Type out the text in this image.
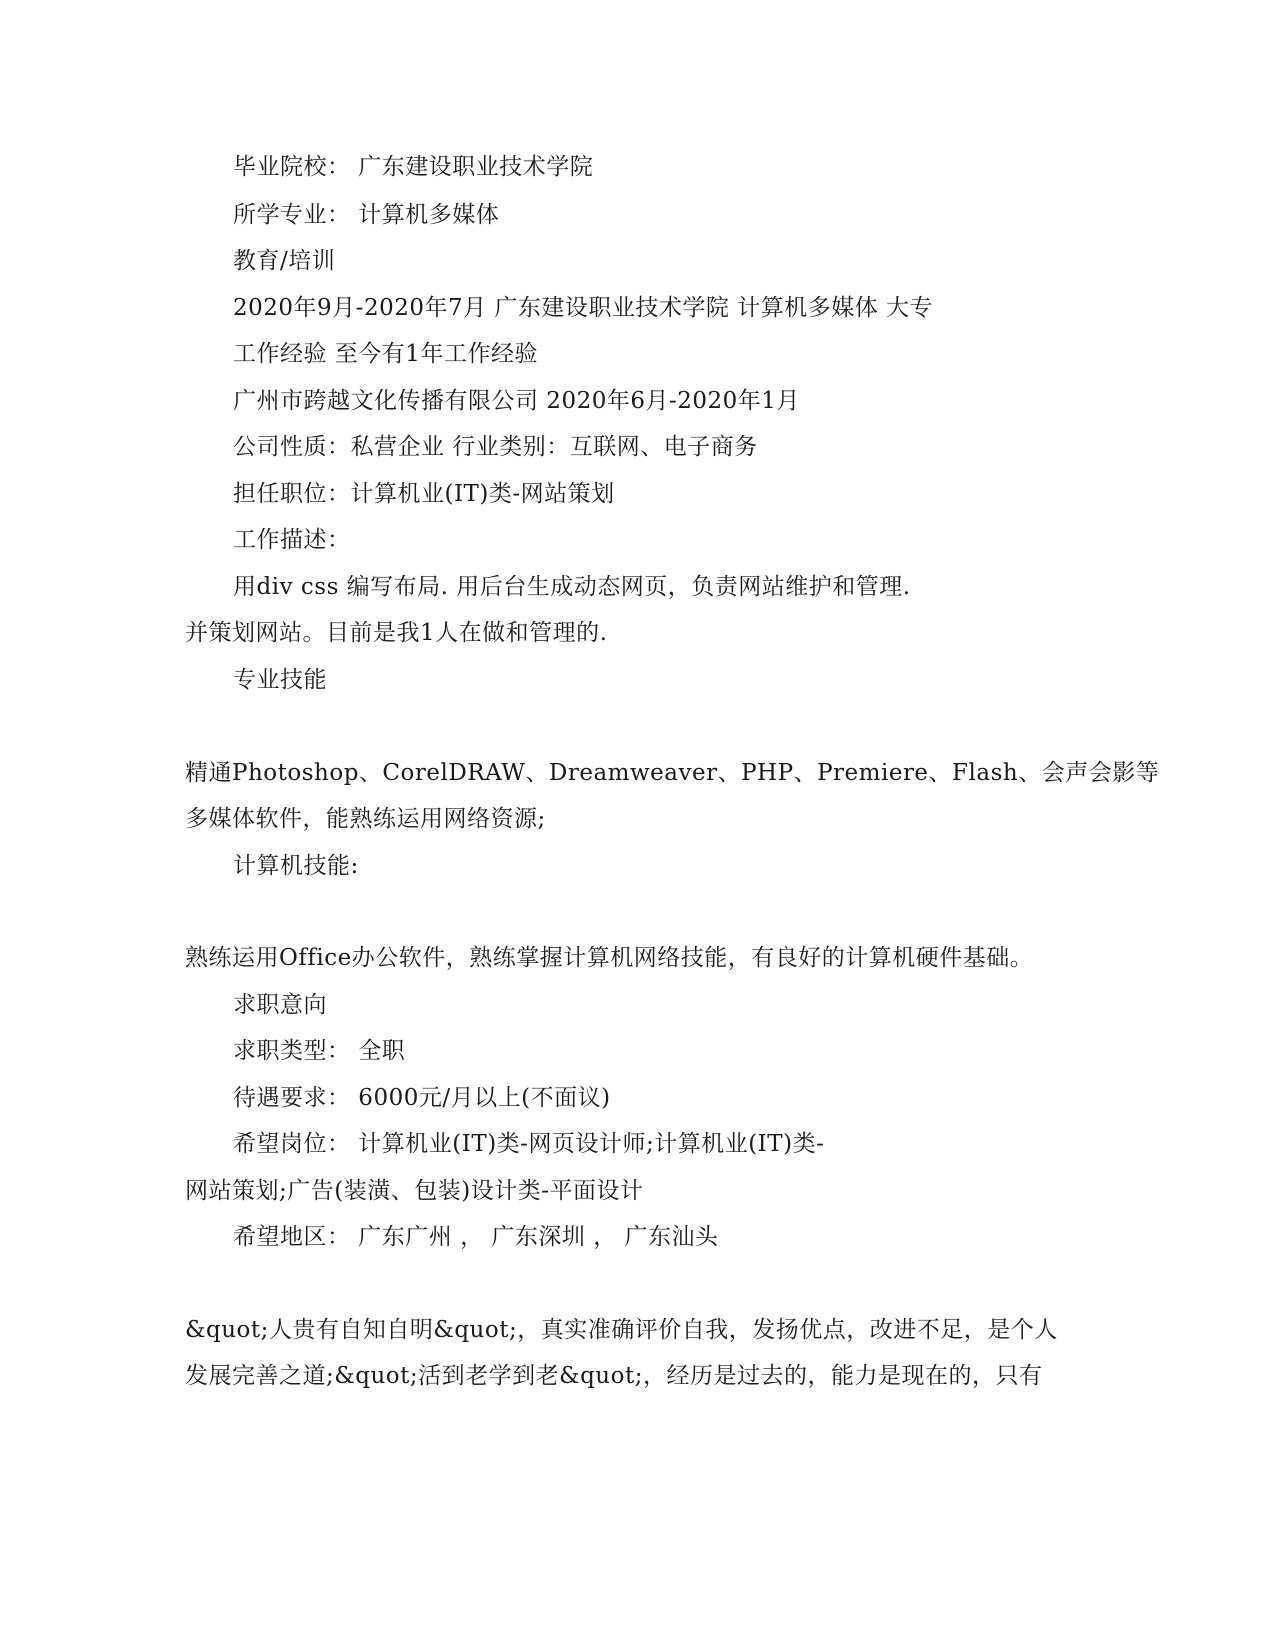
毕业院校： 广东建设职业技术学院
所学专业： 计算机多媒体
教育/培训
2020年9月-2020年7月 广东建设职业技术学院 计算机多媒体 大专
工作经验 至今有1年工作经验
广州市跨越文化传播有限公司 2020年6月-2020年1月
公司性质：私营企业 行业类别：互联网、电子商务
担任职位：计算机业(IT)类-网站策划
工作描述：
用div css 编写布局. 用后台生成动态网页，负责网站维护和管理.
并策划网站。目前是我1人在做和管理的.
专业技能
精通Photoshop、CorelDRAW、Dreamweaver、PHP、Premiere、Flash、会声会影等
多媒体软件，能熟练运用网络资源;
计算机技能:
熟练运用Office办公软件，熟练掌握计算机网络技能，有良好的计算机硬件基础。
求职意向
求职类型： 全职
待遇要求： 6000元/月以上(不面议)
希望岗位： 计算机业(IT)类-网页设计师;计算机业(IT)类-
网站策划;广告(装潢、包装)设计类-平面设计
希望地区： 广东广州 ， 广东深圳 ， 广东汕头
&quot;人贵有自知自明&quot;，真实准确评价自我，发扬优点，改进不足，是个人
发展完善之道;&quot;活到老学到老&quot;，经历是过去的，能力是现在的，只有
